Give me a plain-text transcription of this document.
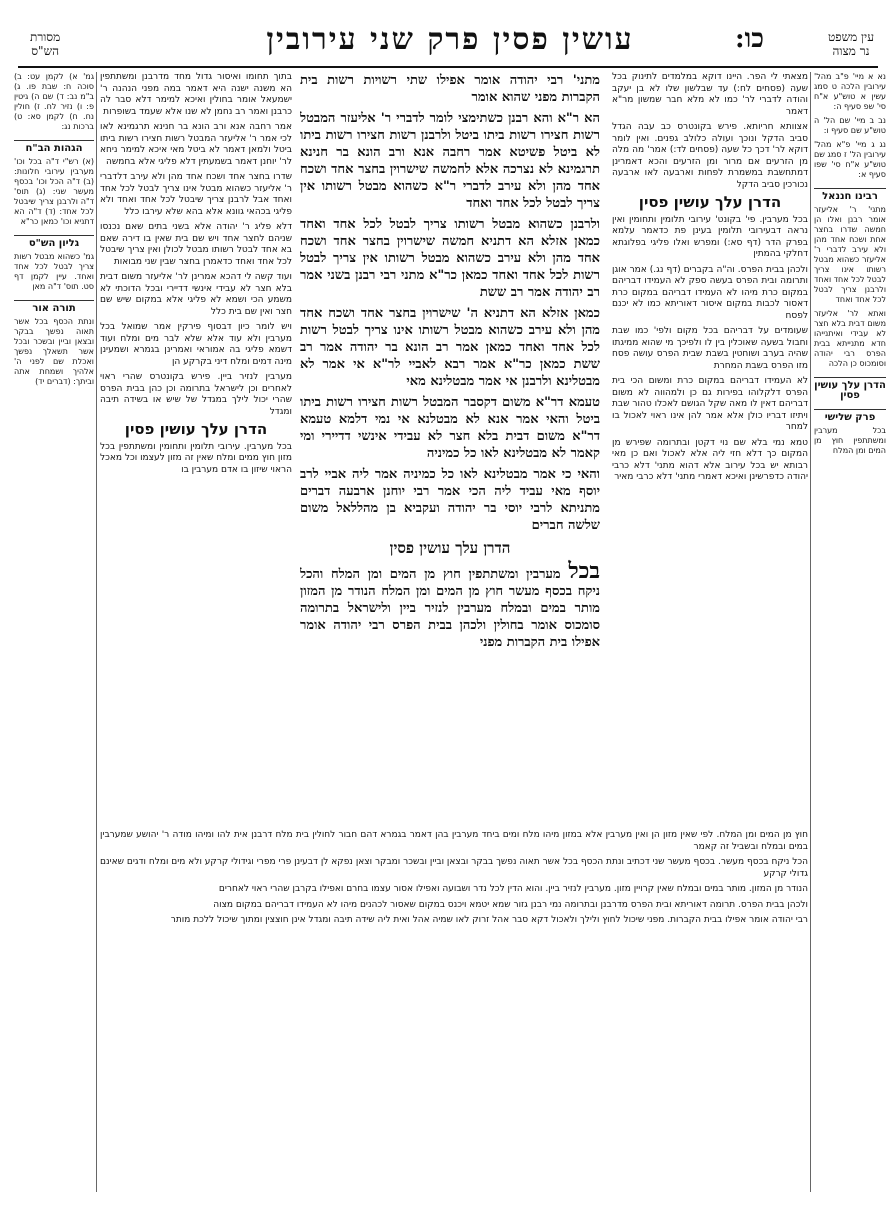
מסורת
הש"ס	עושין פסין פרק שני עירובין	כו:	עין משפט
נר מצוה

נא א מיי' פ"ב מהל' עירובין הלכה ט סמג עשין א טוש"ע א"ח סי' שפ סעיף ה:

נב ב מיי' שם הל' ה טוש"ע שם סעיף ו:

נג ג מיי' פ"א מהל' עירובין הל' ז סמג שם טוש"ע א"ח סי' שפו סעיף א:

רבינו חננאל

מתני' ר' אליעזר אומר רבנן ואלו הן חמשה שדרו בחצר אחת ושכח אחד מהן ולא עירב לדברי ר' אליעזר כשהוא מבטל רשותו אינו צריך לבטל לכל אחד ואחד ולרבנן צריך לבטל לכל אחד ואחד

ואתא לר' אליעזר משום דבית בלא חצר לא עבידי ואיתנייהו חדא מתנייתא בבית הפרס רבי יהודה וסומכוס כן הלכה

הדרן עלך עושין פסין
פרק שלישי

בכל מערבין ומשתתפין חוץ מן המים ומן המלח

מצאתי לי הפר. היינו דוקא במלמדים לתינוק בכל שעה (פסחים לח:) עד שבלשון שלו לא בן יעקב והודה לדברי לר' כמו לא מלא חבר שמשון מר"א דאמר

אצוותא חריותא. פירש בקונטרס כב עבה הגדל סביב הדקל ונוכך ועולה כלולב גפנים. ואין לומר דוקא לר' דכך כל שעה (פסחים לד:) אמר' מה מלה מן הזרעים אם מרור ומן הזרעים והכא דאמרינן דמתחשבת במשמרת לפחות וארבעה לאו ארבעה נכורכין סביב הדקל

הדרן עלך עושין פסין

בכל מערבין. פי' בקונט' עירובי תלומין ותחומין ואין נראה דבעירובי תלומין בעינן פת כדאמר עלמא בפרק הדר (דף סא:) ומפרש ואלו פליגי בפלוגתא דחלקי בהמתין

ולכהן בבית הפרס. וה"ה בקברים (דף נג.) אמר אוגן ותרומה ובית הפרס בעשה ספק לא העמידו דבריהם במקום כרת מיהו לא העמידו דבריהם במקום כרת דאסור לכבות במקום איסור דאוריתא כמו לא יכנם לפסח

שעומדים על דבריהם בכל מקום ולפי' כמו שבת וחבול בשעה שאוכלין בין לו ולפיכך מי שהוא ממיגתו שהיה בערב ושוחטין בשבת שבית הפרס עושה פסח מזו הפרס בשבת המחרת

לא העמידו דבריהם במקום כרת ומשום הכי בית הפרס דלקלוהו בפירות גם כן ולמהווה לא משום דבריהם דאין לו מאה שקל הגושם לאכלו טהור שבת ויתיזו דבריו כולן אלא אמר להן אינו ראוי לאכול בו למחר

טמא נמי בלא שם נוי דקטן ובתרומה שפירש מן המקום כך דלא חזי ליה אלא לאכול ואם כן מאי רבותא יש בכל עירוב אלא דהוא מתני' דלא כרבי יהודה כדפרשינן ואיכא דאמרי מתני' דלא כרבי מאיר

מתני' רבי יהודה אומר אפילו שתי רשויות רשות בית הקברות מפני שהוא אומר

הא ר"א והא רבנן כשתימצי לומר לדברי ר' אליעזר המבטל רשות חצירו רשות ביתו ביטל ולרבנן רשות חצירו רשות ביתו לא ביטל פשיטא אמר רחבה אנא ורב הונא בר חנינא תרגמינא לא נצרכה אלא לחמשה שישרוין בחצר אחד ושכח אחד מהן ולא עירב לדברי ר"א כשהוא מבטל רשותו אין צריך לבטל לכל אחד ואחד

ולרבנן כשהוא מבטל רשותו צריך לבטל לכל אחד ואחד כמאן אזלא הא דתניא חמשה שישרוין בחצר אחד ושכח אחד מהן ולא עירב כשהוא מבטל רשותו אין צריך לבטל רשות לכל אחד ואחד כמאן כר"א מתני רבי רבנן בשני אמר רב יהודה אמר רב ששת

כמאן אזלא הא דתניא ה' שישרוין בחצר אחד ושכח אחד מהן ולא עירב כשהוא מבטל רשותו אינו צריך לבטל רשות לכל אחד ואחד כמאן אמר רב הונא בר יהודה אמר רב ששת כמאן כר"א אמר רבא לאביי לר"א אי אמר לא מבטלינא ולרבנן אי אמר מבטלינא מאי

טעמא דר"א משום דקסבר המבטל רשות חצירו רשות ביתו ביטל והאי אמר אנא לא מבטלנא אי נמי דלמא טעמא דר"א משום דבית בלא חצר לא עבידי אינשי דדיירי ומי קאמר לא מבטלינא לאו כל כמיניה

והאי כי אמר מבטלינא לאו כל כמיניה אמר ליה אביי לרב יוסף מאי עביד ליה הכי אמר רבי יוחנן ארבעה דברים מתניתא לרבי יוסי בר יהודה ועקביא בן מהללאל משום שלשה חברים

הדרן עלך עושין פסין

בכל מערבין ומשתתפין חוץ מן המים ומן המלח והכל ניקח בכסף מעשר חוץ מן המים ומן המלח הנודר מן המזון מותר במים ובמלח מערבין לנזיר ביין ולישראל בתרומה סומכוס אומר בחולין ולכהן בבית הפרס רבי יהודה אומר אפילו בית הקברות מפני

בתוך תחומו ואיסור גדול מחד מדרבנן ומשתתפין הא משנה ישנה היא דאמר במה מפני הנהנה ר' ישמעאל אומר בחולין ואיכא למימר דלא סבר לה כרבנן ואמר רב נחמן לא שנו אלא שעמד בשופרות

אמר רחבה אנא ורב הונא בר חנינא תרגמינא לאו לכי אמר ר' אליעזר המבטל רשות חצירו רשות ביתו ביטל ולמאן דאמר לא ביטל מאי איכא למימר ניחא לר' יוחנן דאמר בשמעתין דלא פליגי אלא בחמשה

שדרו בחצר אחד ושכח אחד מהן ולא עירב דלדברי ר' אליעזר כשהוא מבטל אינו צריך לבטל לכל אחד ואחד אבל לרבנן צריך שיבטל לכל אחד ואחד ולא פליגי בכהאי גוונא אלא בהא שלא עירבו כלל

דלא פליג ר' יהודה אלא בשני בתים שאם נכנסו שניהם לחצר אחד ויש שם בית שאין בו דירה שאם בא אחד לבטל רשותו מבטל לכולן ואין צריך שיבטל לכל אחד ואחד כדאמרן בחצר שבין שני מבואות

ועוד קשה לי דהכא אמרינן לר' אליעזר משום דבית בלא חצר לא עבידי אינשי דדיירי ובכל הדוכתי לא משמע הכי ושמא לא פליגי אלא במקום שיש שם חצר ואין שם בית כלל

ויש לומר כיון דבסוף פירקין אמר שמואל בכל מערבין ולא עוד אלא שלא לבר מים ומלח ועוד דשמא פליגי בה אמוראי ואמרינן בגמרא ושמעינן מינה דמים ומלח דיני בקרקע הן

מערבין לנזיר ביין. פירש בקונטרס שהרי ראוי לאחרים וכן לישראל בתרומה וכן כהן בבית הפרס שהרי יכול לילך במגדל של שיש או בשידה תיבה ומגדל

הדרן עלך עושין פסין

בכל מערבין. עירובי תלומין ותחומין ומשתתפין בכל מזון חוץ ממים ומלח שאין זה מזון לעצמו וכל מאכל הראוי שיזון בו אדם מערבין בו

חוץ מן המים ומן המלח. לפי שאין מזון הן ואין מערבין אלא במזון מיהו מלח ומים ביחד מערבין בהן דאמר בגמרא דהם חבור לחולין בית מלח דרבנן אית להו ומיהו מודה ר' יהושע שמערבין במים ובמלח ובשביל זה קאמר

הכל ניקח בכסף מעשר. בכסף מעשר שני דכתיב ונתת הכסף בכל אשר תאוה נפשך בבקר ובצאן וביין ובשכר ומבקר וצאן נפקא לן דבעינן פרי מפרי וגידולי קרקע ולא מים ומלח ודגים שאינם גדולי קרקע

הנודר מן המזון. מותר במים ובמלח שאין קרויין מזון. מערבין לנזיר ביין. והוא הדין לכל נדר ושבועה ואפילו אסור עצמו בחרם ואפילו בקרבן שהרי ראוי לאחרים

ולכהן בבית הפרס. תרומה דאוריתא ובית הפרס מדרבנן ובתרומה נמי רבנן גזור שמא יטמא ויכנס במקום שאסור לכהנים מיהו לא העמידו דבריהם במקום מצוה

רבי יהודה אומר אפילו בבית הקברות. מפני שיכול לחוץ ולילך ולאכול דקא סבר אהל זרוק לאו שמיה אהל ואית ליה שידה תיבה ומגדל אינן חוצצין ומתוך שיכול ללכת מותר

גמ' א) לקמן עט: ב) סוכה ח: שבת פו. ג) ב"מ נב: ד) שם ה) גיטין פ: ו) נזיר לח. ז) חולין נח. ח) לקמן סא: ט) ברכות נג:

הגהות הב"ח

(א) רש"י ד"ה בכל וכו' מערבין עירובי חלונות: (ב) ד"ה הכל וכו' בכסף מעשר שני: (ג) תוס' ד"ה ולרבנן צריך שיבטל לכל אחד: (ד) ד"ה הא דתניא וכו' כמאן כר"א

גליון הש"ס

גמ' כשהוא מבטל רשות צריך לבטל לכל אחד ואחד. עיין לקמן דף סט. תוס' ד"ה מאן

תורה אור

ונתת הכסף בכל אשר תאוה נפשך בבקר ובצאן וביין ובשכר ובכל אשר תשאלך נפשך ואכלת שם לפני ה' אלהיך ושמחת אתה וביתך: (דברים יד)
